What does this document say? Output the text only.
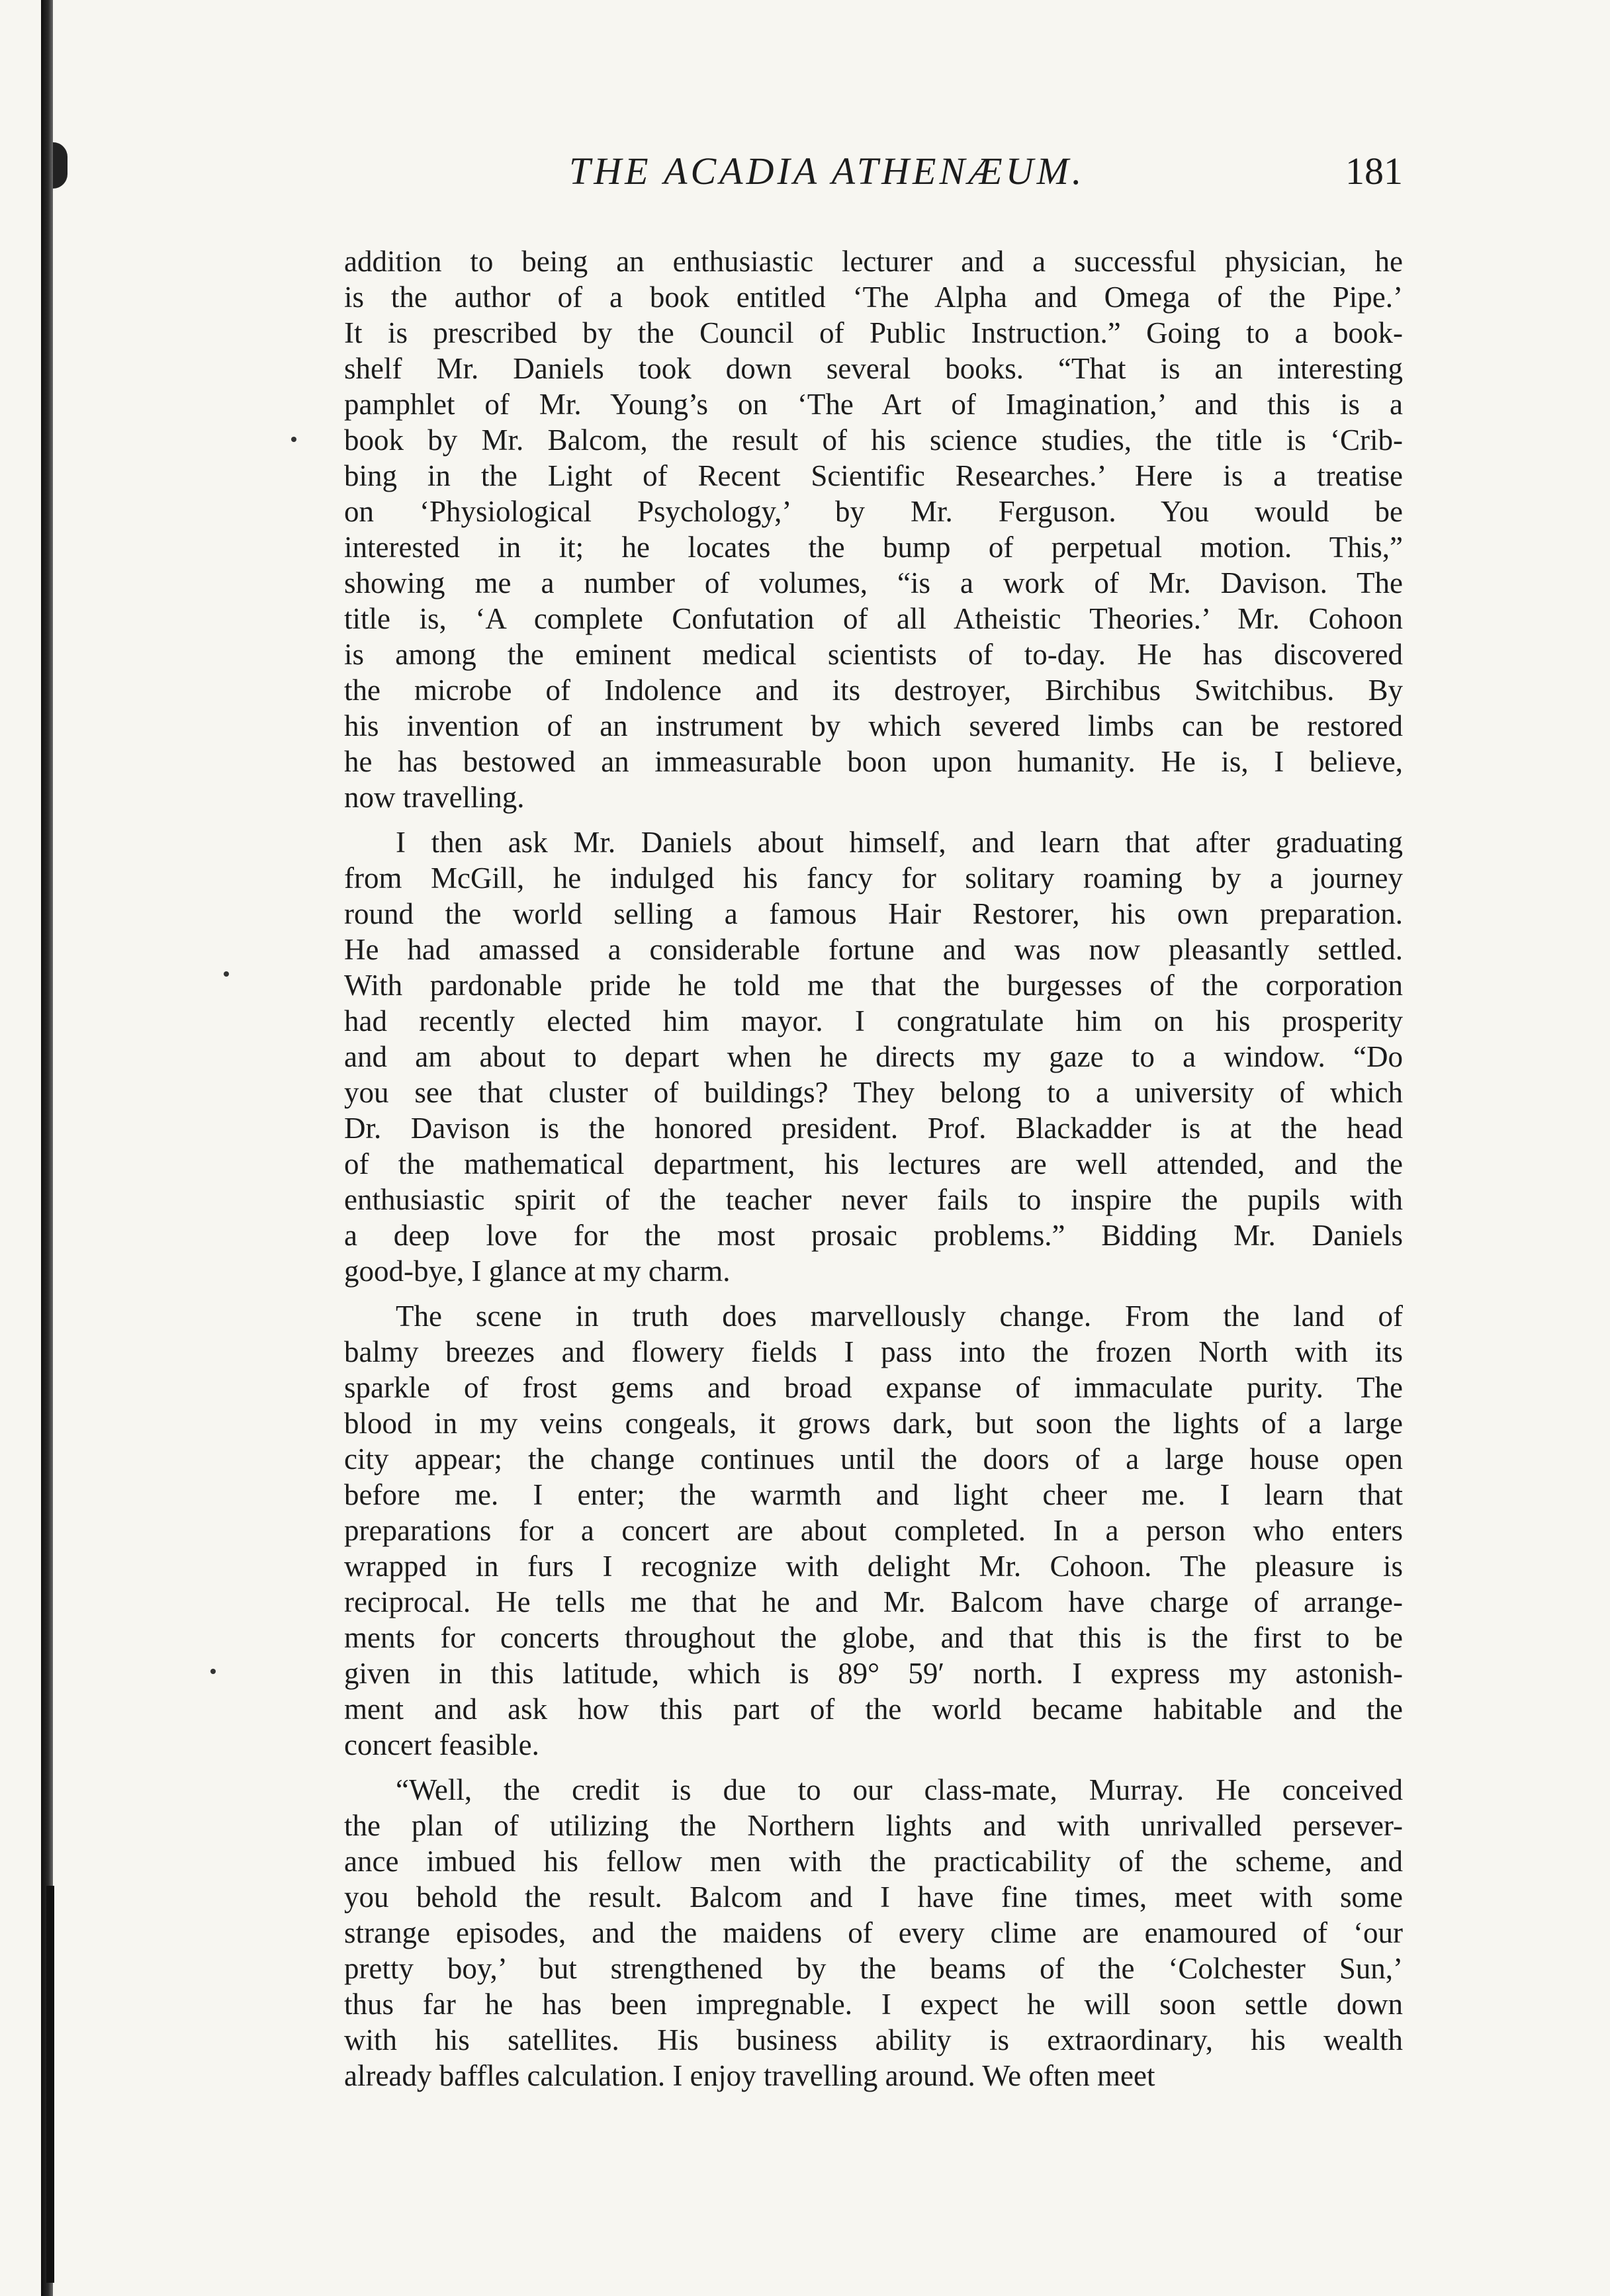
THE ACADIA ATHENÆUM.	181
addition to being an enthusiastic lecturer and a successful physician, he
is the author of a book entitled ‘The Alpha and Omega of the Pipe.’
It is prescribed by the Council of Public Instruction.” Going to a book-
shelf Mr. Daniels took down several books. “That is an interesting
pamphlet of Mr. Young’s on ‘The Art of Imagination,’ and this is a
book by Mr. Balcom, the result of his science studies, the title is ‘Crib-
bing in the Light of Recent Scientific Researches.’ Here is a treatise
on ‘Physiological Psychology,’ by Mr. Ferguson. You would be
interested in it; he locates the bump of perpetual motion. This,”
showing me a number of volumes, “is a work of Mr. Davison. The
title is, ‘A complete Confutation of all Atheistic Theories.’ Mr. Cohoon
is among the eminent medical scientists of to-day. He has discovered
the microbe of Indolence and its destroyer, Birchibus Switchibus. By
his invention of an instrument by which severed limbs can be restored
he has bestowed an immeasurable boon upon humanity. He is, I believe,
now travelling.
I then ask Mr. Daniels about himself, and learn that after graduating
from McGill, he indulged his fancy for solitary roaming by a journey
round the world selling a famous Hair Restorer, his own preparation.
He had amassed a considerable fortune and was now pleasantly settled.
With pardonable pride he told me that the burgesses of the corporation
had recently elected him mayor. I congratulate him on his prosperity
and am about to depart when he directs my gaze to a window. “Do
you see that cluster of buildings? They belong to a university of which
Dr. Davison is the honored president. Prof. Blackadder is at the head
of the mathematical department, his lectures are well attended, and the
enthusiastic spirit of the teacher never fails to inspire the pupils with
a deep love for the most prosaic problems.” Bidding Mr. Daniels
good-bye, I glance at my charm.
The scene in truth does marvellously change. From the land of
balmy breezes and flowery fields I pass into the frozen North with its
sparkle of frost gems and broad expanse of immaculate purity. The
blood in my veins congeals, it grows dark, but soon the lights of a large
city appear; the change continues until the doors of a large house open
before me. I enter; the warmth and light cheer me. I learn that
preparations for a concert are about completed. In a person who enters
wrapped in furs I recognize with delight Mr. Cohoon. The pleasure is
reciprocal. He tells me that he and Mr. Balcom have charge of arrange-
ments for concerts throughout the globe, and that this is the first to be
given in this latitude, which is 89° 59′ north. I express my astonish-
ment and ask how this part of the world became habitable and the
concert feasible.
“Well, the credit is due to our class-mate, Murray. He conceived
the plan of utilizing the Northern lights and with unrivalled persever-
ance imbued his fellow men with the practicability of the scheme, and
you behold the result. Balcom and I have fine times, meet with some
strange episodes, and the maidens of every clime are enamoured of ‘our
pretty boy,’ but strengthened by the beams of the ‘Colchester Sun,’
thus far he has been impregnable. I expect he will soon settle down
with his satellites. His business ability is extraordinary, his wealth
already baffles calculation. I enjoy travelling around. We often meet
